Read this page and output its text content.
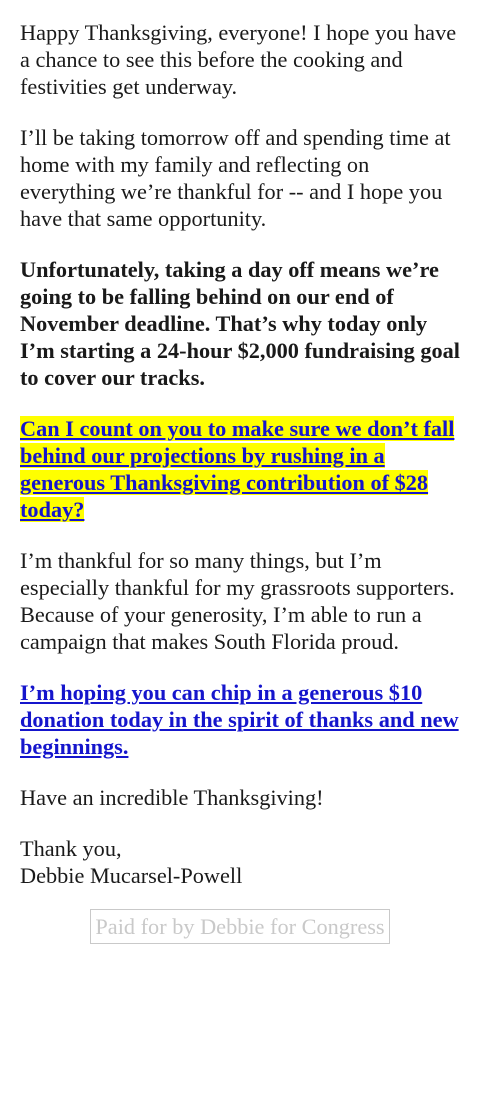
Happy Thanksgiving, everyone! I hope you have a chance to see this before the cooking and festivities get underway.

I’ll be taking tomorrow off and spending time at home with my family and reflecting on everything we’re thankful for -- and I hope you have that same opportunity.

Unfortunately, taking a day off means we’re going to be falling behind on our end of November deadline. That’s why today only I’m starting a 24-hour $2,000 fundraising goal to cover our tracks.

Can I count on you to make sure we don’t fall behind our projections by rushing in a generous Thanksgiving contribution of $28 today?

I’m thankful for so many things, but I’m especially thankful for my grassroots supporters. Because of your generosity, I’m able to run a campaign that makes South Florida proud.

I’m hoping you can chip in a generous $10 donation today in the spirit of thanks and new beginnings.

Have an incredible Thanksgiving!

Thank you,

Debbie Mucarsel-Powell

Paid for by Debbie for Congress
